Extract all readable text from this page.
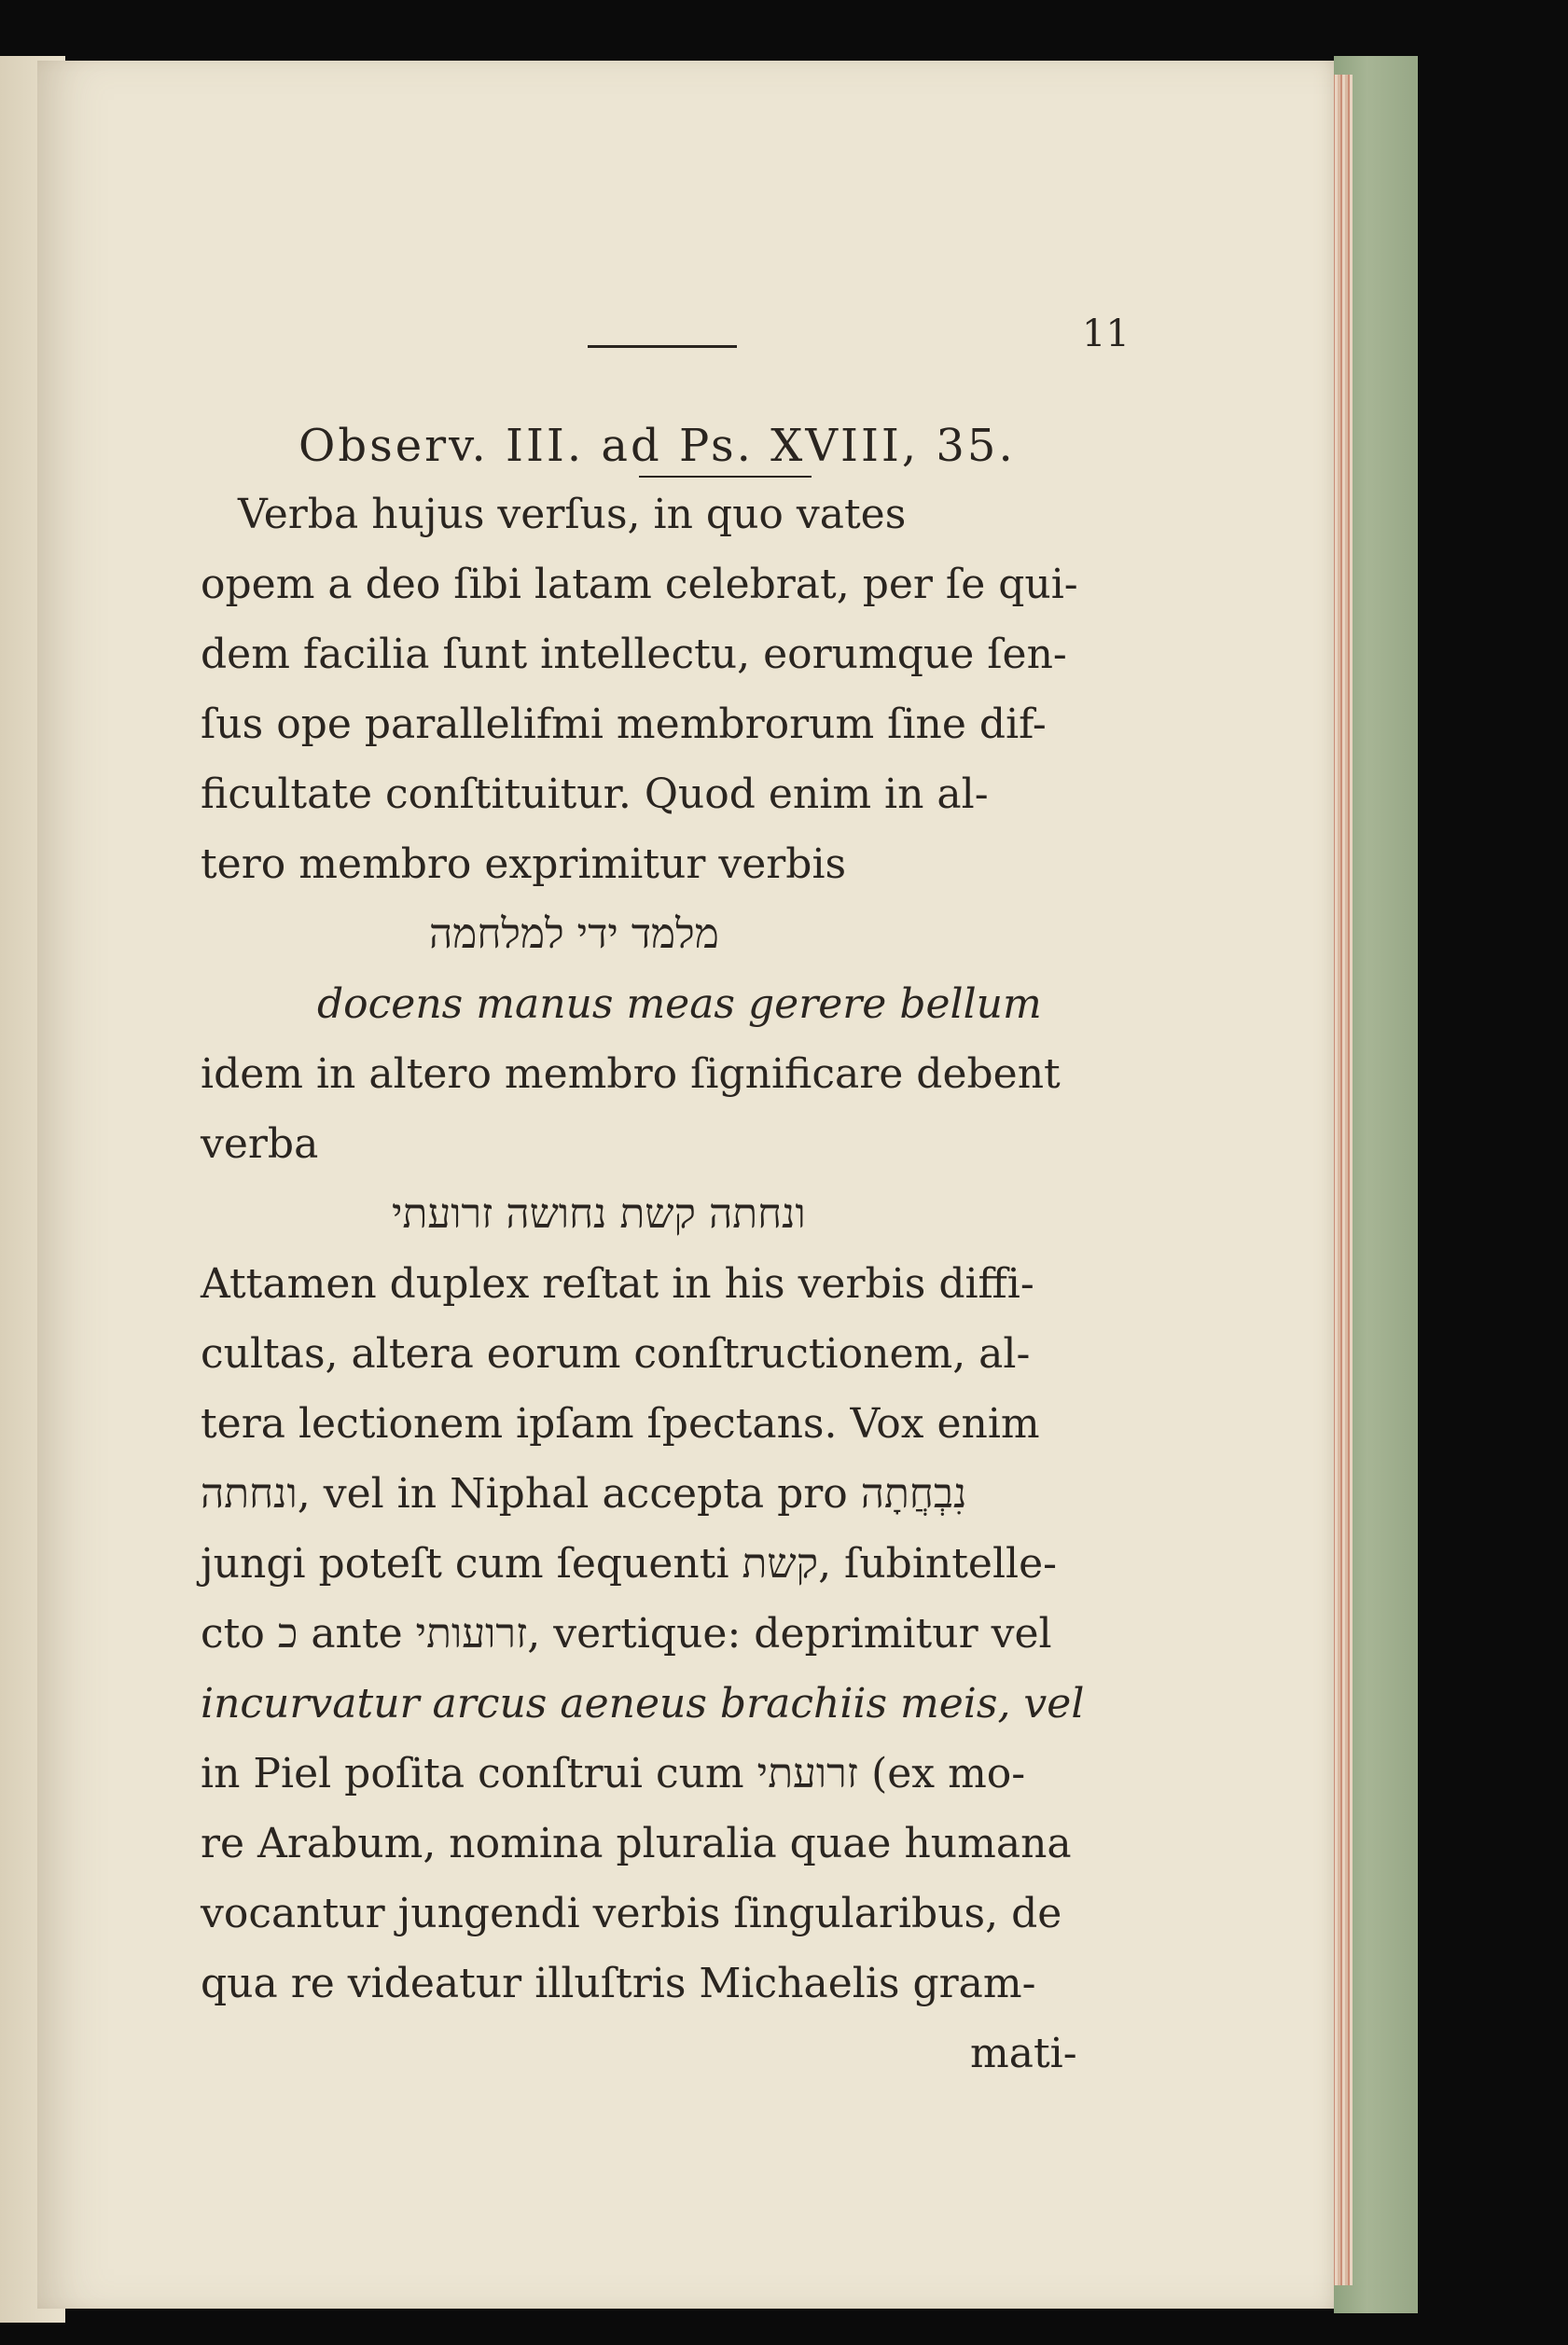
11
Observ. III. ad Ps. XVIII, 35.
Verba hujus verſus, in quo vates
opem a deo ſibi latam celebrat, per ſe qui-
dem facilia ſunt intellectu, eorumque ſen-
ſus ope parallelifmi membrorum ſine dif-
ficultate conſtituitur. Quod enim in al-
tero membro exprimitur verbis
מלמד ידי למלחמה
docens manus meas gerere bellum
idem in altero membro ſignificare debent
verba
ונחתה קשת נחושה זרועתי
Attamen duplex reſtat in his verbis diffi-
cultas, altera eorum conſtructionem, al-
tera lectionem ipſam ſpectans. Vox enim
ונחתה, vel in Niphal accepta pro נִבְחֲתָה
jungi poteſt cum ſequenti קשת, ſubintelle-
cto כ ante זרועותי, vertique: deprimitur vel
incurvatur arcus aeneus brachiis meis, vel
in Piel poſita conſtrui cum זרועתי (ex mo-
re Arabum, nomina pluralia quae humana
vocantur jungendi verbis ſingularibus, de
qua re videatur illuſtris Michaelis gram-
mati-
